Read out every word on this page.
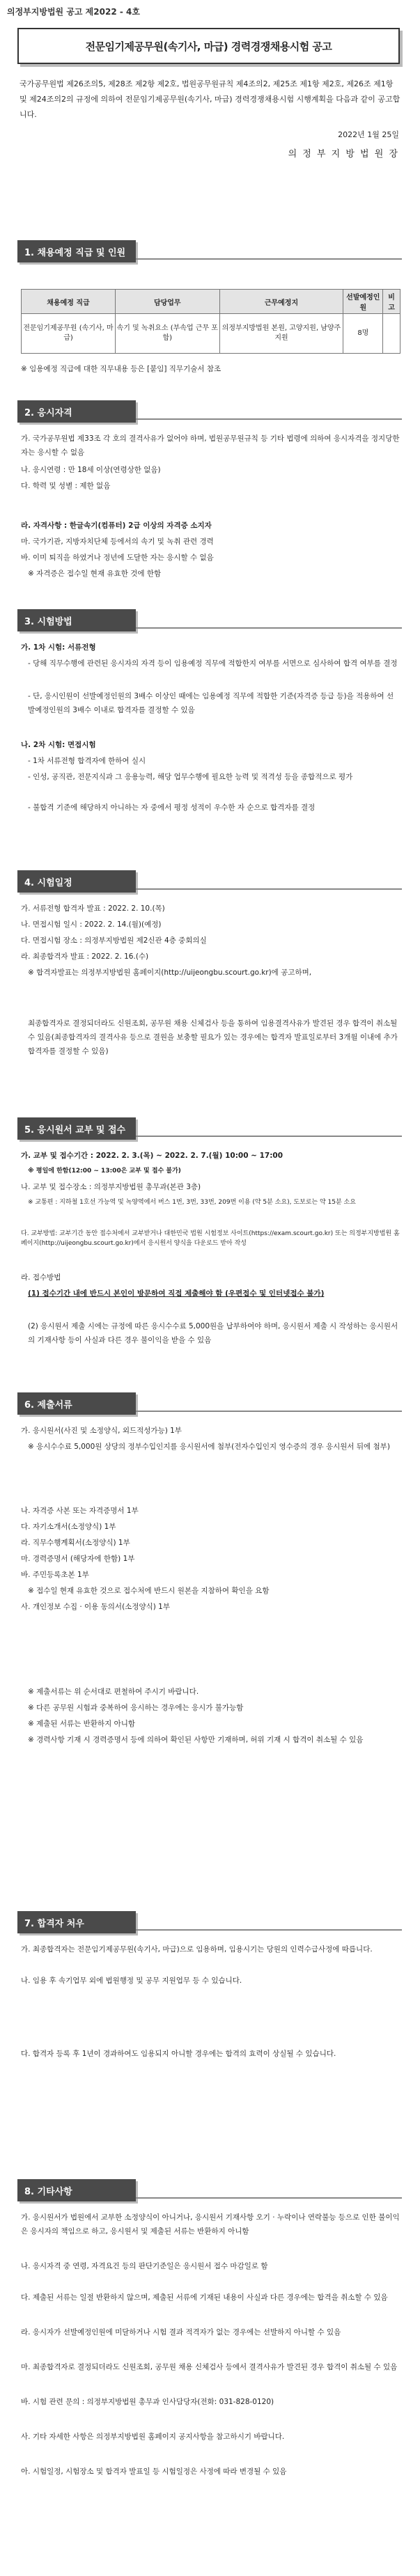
의정부지방법원 공고 제2022 - 4호
전문임기제공무원(속기사, 마급) 경력경쟁채용시험 공고
국가공무원법 제26조의5, 제28조 제2항 제2호, 법원공무원규칙 제4조의2, 제25조 제1항 제2호, 제26조 제1항 및 제24조의2의 규정에 의하여 전문임기제공무원(속기사, 마급) 경력경쟁채용시험 시행계획을 다음과 같이 공고합니다.
2022년 1월 25일
의 정 부 지 방 법 원 장
1. 채용예정 직급 및 인원
채용예정 직급	담당업무	근무예정지	선발예정인원	비 고
전문임기제공무원 (속기사, 마급)	속기 및 녹취요소 (부속업 근무 포함)	의정부지방법원 본원, 고양지원, 남양주지원	8명	
※ 임용예정 직급에 대한 직무내용 등은 [붙임] 직무기술서 참조
2. 응시자격
가. 국가공무원법 제33조 각 호의 결격사유가 없어야 하며, 법원공무원규칙 등 기타 법령에 의하여 응시자격을 정지당한 자는 응시할 수 없음
나. 응시연령 : 만 18세 이상(연령상한 없음)
다. 학력 및 성별 : 제한 없음
라. 자격사항 : 한글속기(컴퓨터) 2급 이상의 자격증 소지자
마. 국가기관, 지방자치단체 등에서의 속기 및 녹취 관련 경력
바. 이미 퇴직을 하였거나 정년에 도달한 자는 응시할 수 없음
※ 자격증은 접수일 현재 유효한 것에 한함
3. 시험방법
가. 1차 시험: 서류전형
- 당해 직무수행에 관련된 응시자의 자격 등이 임용예정 직무에 적합한지 여부를 서면으로 심사하여 합격 여부를 결정
- 단, 응시인원이 선발예정인원의 3배수 이상인 때에는 임용예정 직무에 적합한 기준(자격증 등급 등)을 적용하여 선발예정인원의 3배수 이내로 합격자를 결정할 수 있음
나. 2차 시험: 면접시험
- 1차 서류전형 합격자에 한하여 실시
- 인성, 공직관, 전문지식과 그 응용능력, 해당 업무수행에 필요한 능력 및 적격성 등을 종합적으로 평가
- 불합격 기준에 해당하지 아니하는 자 중에서 평정 성적이 우수한 자 순으로 합격자를 결정
4. 시험일정
가. 서류전형 합격자 발표 : 2022. 2. 10.(목)
나. 면접시험 일시 : 2022. 2. 14.(월)(예정)
다. 면접시험 장소 : 의정부지방법원 제2신관 4층 중회의실
라. 최종합격자 발표 : 2022. 2. 16.(수)
※ 합격자발표는 의정부지방법원 홈페이지(http://uijeongbu.scourt.go.kr)에 공고하며,
최종합격자로 결정되더라도 신원조회, 공무원 채용 신체검사 등을 통하여 임용결격사유가 발견된 경우 합격이 취소될 수 있음(최종합격자의 결격사유 등으로 결원을 보충할 필요가 있는 경우에는 합격자 발표일로부터 3개월 이내에 추가합격자를 결정할 수 있음)
5. 응시원서 교부 및 접수
가. 교부 및 접수기간 : 2022. 2. 3.(목) ~ 2022. 2. 7.(월) 10:00 ~ 17:00
※ 평일에 한함(12:00 ~ 13:00은 교부 및 접수 불가)
나. 교부 및 접수장소 : 의정부지방법원 총무과(본관 3층)
※ 교통편 : 지하철 1호선 가능역 및 녹양역에서 버스 1번, 3번, 33번, 209번 이용 (약 5분 소요), 도보로는 약 15분 소요
다. 교부방법: 교부기간 동안 접수처에서 교부받거나 대한민국 법원 시험정보 사이트(https://exam.scourt.go.kr) 또는 의정부지방법원 홈페이지(http://uijeongbu.scourt.go.kr)에서 응시원서 양식을 다운로드 받아 작성
라. 접수방법
(1) 접수기간 내에 반드시 본인이 방문하여 직접 제출해야 함 (우편접수 및 인터넷접수 불가)
(2) 응시원서 제출 시에는 규정에 따른 응시수수료 5,000원을 납부하여야 하며, 응시원서 제출 시 작성하는 응시원서의 기재사항 등이 사실과 다른 경우 불이익을 받을 수 있음
6. 제출서류
가. 응시원서(사진 및 소정양식, 외드적성가능) 1부
※ 응시수수료 5,000원 상당의 정부수입인지를 응시원서에 첨부(전자수입인지 영수증의 경우 응시원서 뒤에 첨부)
나. 자격증 사본 또는 자격증명서 1부
다. 자기소개서(소정양식) 1부
라. 직무수행계획서(소정양식) 1부
마. 경력증명서 (해당자에 한함) 1부
바. 주민등록초본 1부
※ 접수일 현재 유효한 것으로 접수처에 반드시 원본을 지참하여 확인을 요함
사. 개인정보 수집 · 이용 동의서(소정양식) 1부
※ 제출서류는 위 순서대로 편철하여 주시기 바랍니다.
※ 다른 공무원 시험과 중복하여 응시하는 경우에는 응시가 불가능함
※ 제출된 서류는 반환하지 아니함
※ 경력사항 기재 시 경력증명서 등에 의하여 확인된 사항만 기재하며, 허위 기재 시 합격이 취소될 수 있음
7. 합격자 처우
가. 최종합격자는 전문임기제공무원(속기사, 마급)으로 임용하며, 임용시기는 당원의 인력수급사정에 따릅니다.
나. 임용 후 속기업무 외에 법원행정 및 공무 지원업무 등 수 있습니다.
다. 합격자 등록 후 1년이 경과하여도 임용되지 아니할 경우에는 합격의 효력이 상실될 수 있습니다.
8. 기타사항
가. 응시원서가 법원에서 교부한 소정양식이 아니거나, 응시원서 기재사항 오기 · 누락이나 연락불능 등으로 인한 불이익은 응시자의 책임으로 하고, 응시원서 및 제출된 서류는 반환하지 아니함
나. 응시자격 중 연령, 자격요건 등의 판단기준일은 응시원서 접수 마감일로 함
다. 제출된 서류는 일절 반환하지 않으며, 제출된 서류에 기재된 내용이 사실과 다른 경우에는 합격을 취소할 수 있음
라. 응시자가 선발예정인원에 미달하거나 시험 결과 적격자가 없는 경우에는 선발하지 아니할 수 있음
마. 최종합격자로 결정되더라도 신원조회, 공무원 채용 신체검사 등에서 결격사유가 발견된 경우 합격이 취소될 수 있음
바. 시험 관련 문의 : 의정부지방법원 총무과 인사담당자(전화: 031-828-0120)
사. 기타 자세한 사항은 의정부지방법원 홈페이지 공지사항을 참고하시기 바랍니다.
아. 시험일정, 시험장소 및 합격자 발표일 등 시험일정은 사정에 따라 변경될 수 있음
